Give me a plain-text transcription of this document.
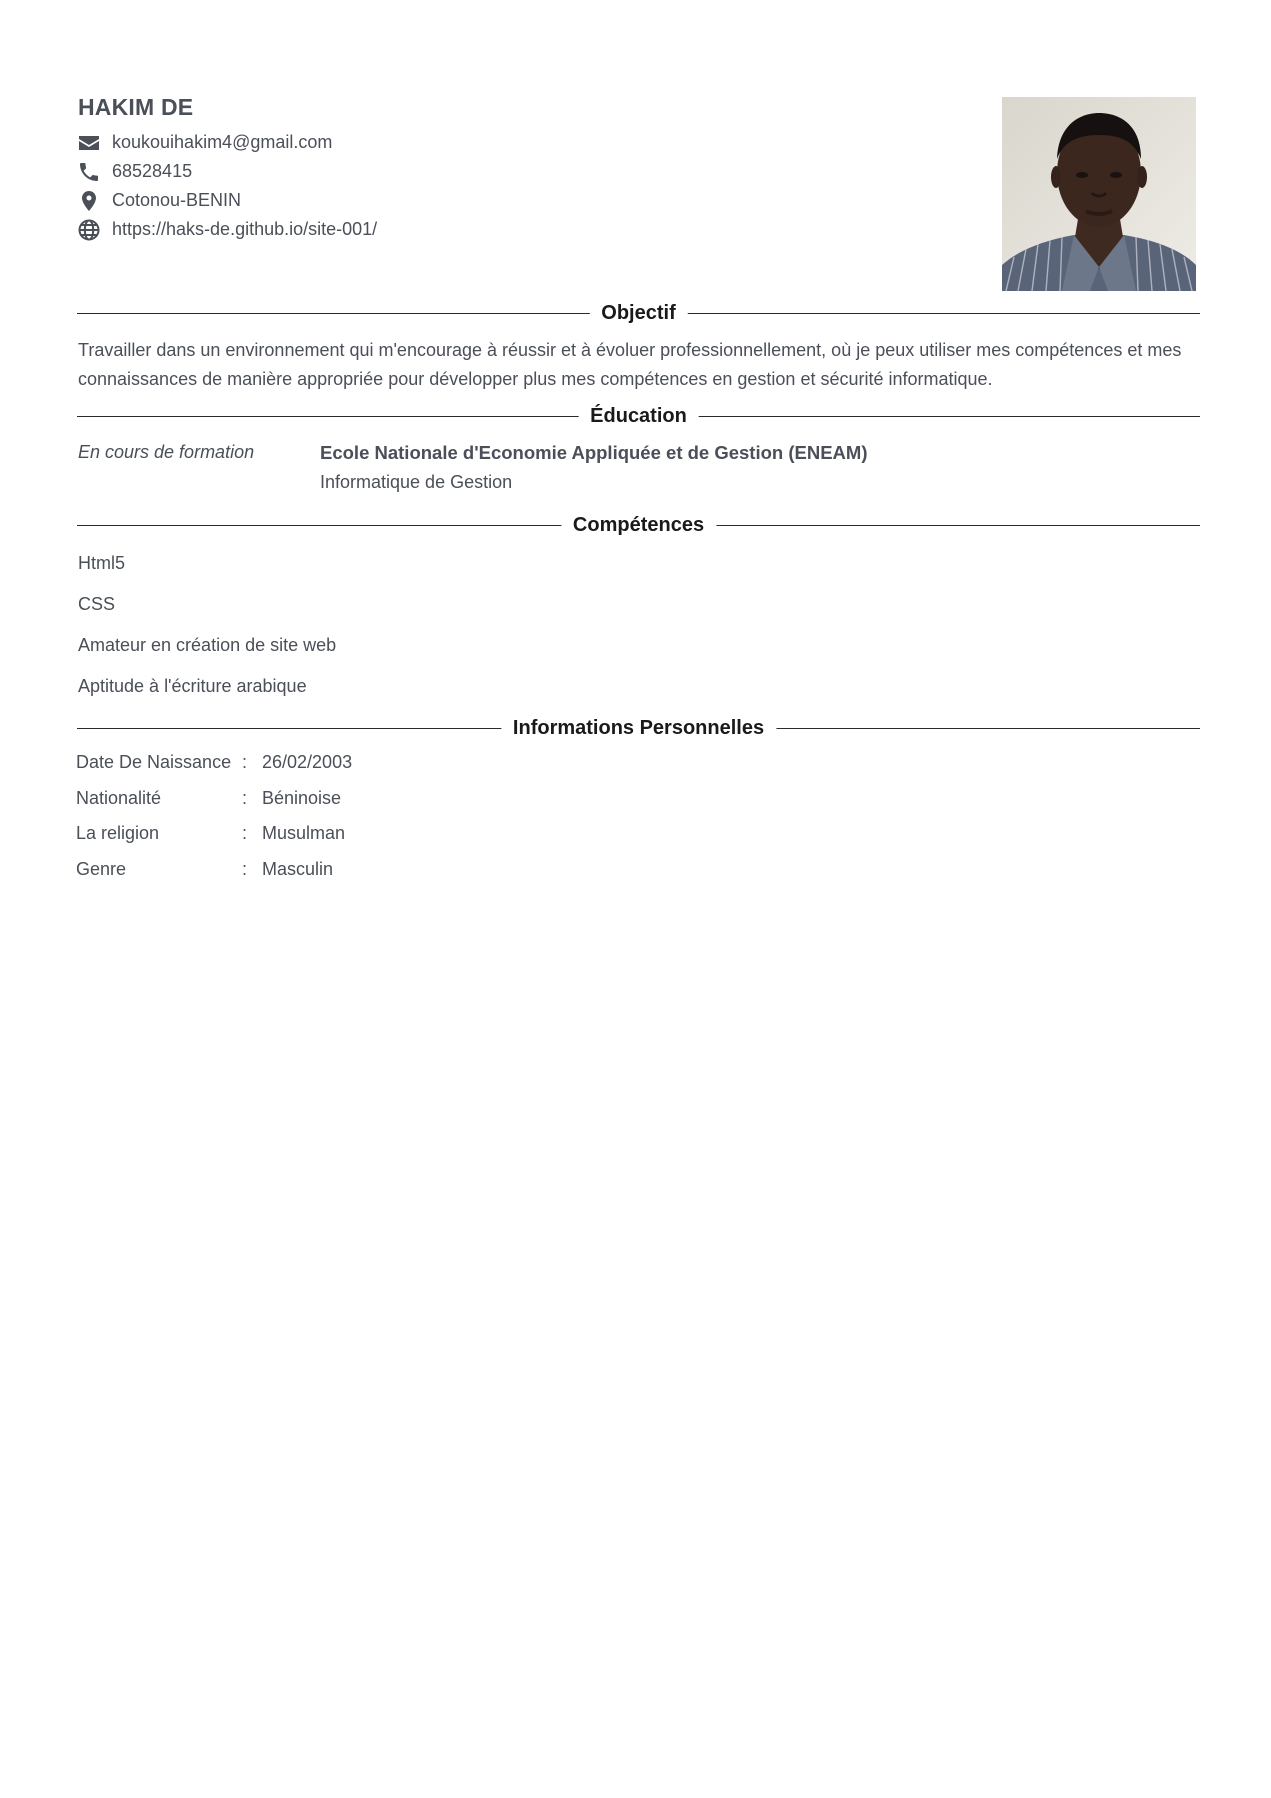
HAKIM DE
koukouihakim4@gmail.com
68528415
Cotonou-BENIN
https://haks-de.github.io/site-001/
Objectif

Travailler dans un environnement qui m'encourage à réussir et à évoluer professionnellement, où je peux utiliser mes compétences et mes connaissances de manière appropriée pour développer plus mes compétences en gestion et sécurité informatique.

Éducation
En cours de formation	Ecole Nationale d'Economie Appliquée et de Gestion (ENEAM)
Informatique de Gestion
Compétences
Html5
CSS
Amateur en création de site web
Aptitude à l'écriture arabique
Informations Personnelles
Date De Naissance : 26/02/2003
Nationalité	: Béninoise
La religion	: Musulman
Genre	: Masculin
